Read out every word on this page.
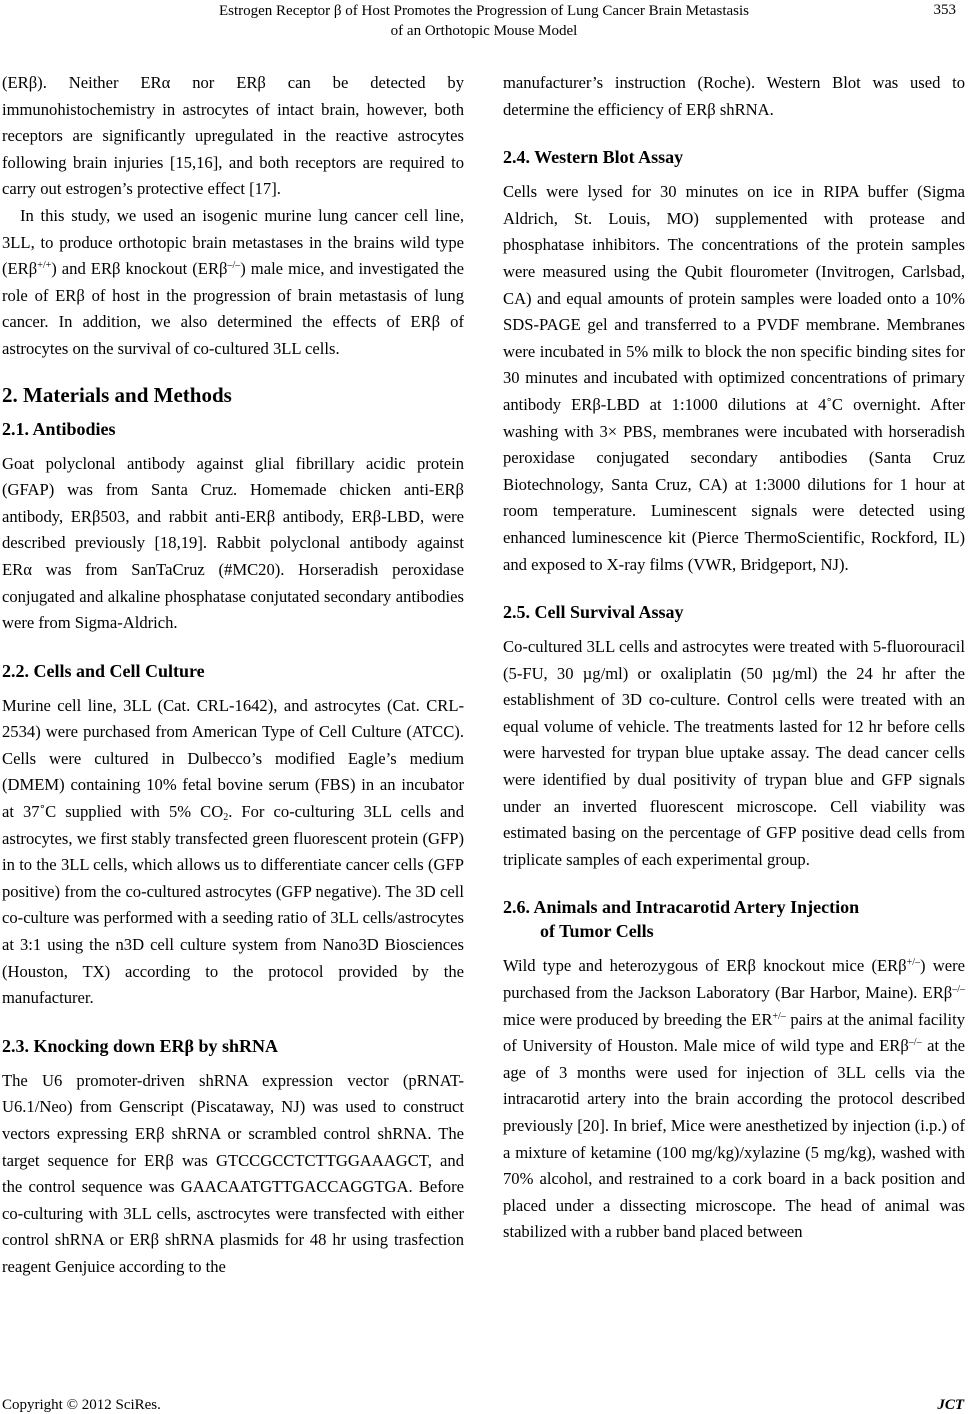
Estrogen Receptor β of Host Promotes the Progression of Lung Cancer Brain Metastasis
of an Orthotopic Mouse Model
353

(ERβ). Neither ERα nor ERβ can be detected by immunohistochemistry in astrocytes of intact brain, however, both receptors are significantly upregulated in the reactive astrocytes following brain injuries [15,16], and both receptors are required to carry out estrogen’s protective effect [17].

In this study, we used an isogenic murine lung cancer cell line, 3LL, to produce orthotopic brain metastases in the brains wild type (ERβ+/+) and ERβ knockout (ERβ–/–) male mice, and investigated the role of ERβ of host in the progression of brain metastasis of lung cancer. In addition, we also determined the effects of ERβ of astrocytes on the survival of co-cultured 3LL cells.

2. Materials and Methods
2.1. Antibodies

Goat polyclonal antibody against glial fibrillary acidic protein (GFAP) was from Santa Cruz. Homemade chicken anti-ERβ antibody, ERβ503, and rabbit anti-ERβ antibody, ERβ-LBD, were described previously [18,19]. Rabbit polyclonal antibody against ERα was from SanTaCruz (#MC20). Horseradish peroxidase conjugated and alkaline phosphatase conjutated secondary antibodies were from Sigma-Aldrich.

2.2. Cells and Cell Culture

Murine cell line, 3LL (Cat. CRL-1642), and astrocytes (Cat. CRL-2534) were purchased from American Type of Cell Culture (ATCC). Cells were cultured in Dulbecco’s modified Eagle’s medium (DMEM) containing 10% fetal bovine serum (FBS) in an incubator at 37˚C supplied with 5% $CO_2$. For co-culturing 3LL cells and astrocytes, we first stably transfected green fluorescent protein (GFP) in to the 3LL cells, which allows us to differentiate cancer cells (GFP positive) from the co-cultured astrocytes (GFP negative). The 3D cell co-culture was performed with a seeding ratio of 3LL cells/astrocytes at 3:1 using the n3D cell culture system from Nano3D Biosciences (Houston, TX) according to the protocol provided by the manufacturer.

2.3. Knocking down ERβ by shRNA

The U6 promoter-driven shRNA expression vector (pRNAT-U6.1/Neo) from Genscript (Piscataway, NJ) was used to construct vectors expressing ERβ shRNA or scrambled control shRNA. The target sequence for ERβ was GTCCGCCTCTTGGAAAGCT, and the control sequence was GAACAATGTTGACCAGGTGA. Before co-culturing with 3LL cells, asctrocytes were transfected with either control shRNA or ERβ shRNA plasmids for 48 hr using trasfection reagent Genjuice according to the

manufacturer’s instruction (Roche). Western Blot was used to determine the efficiency of ERβ shRNA.

2.4. Western Blot Assay

Cells were lysed for 30 minutes on ice in RIPA buffer (Sigma Aldrich, St. Louis, MO) supplemented with protease and phosphatase inhibitors. The concentrations of the protein samples were measured using the Qubit flourometer (Invitrogen, Carlsbad, CA) and equal amounts of protein samples were loaded onto a 10% SDS-PAGE gel and transferred to a PVDF membrane. Membranes were incubated in 5% milk to block the non specific binding sites for 30 minutes and incubated with optimized concentrations of primary antibody ERβ-LBD at 1:1000 dilutions at 4˚C overnight. After washing with 3× PBS, membranes were incubated with horseradish peroxidase conjugated secondary antibodies (Santa Cruz Biotechnology, Santa Cruz, CA) at 1:3000 dilutions for 1 hour at room temperature. Luminescent signals were detected using enhanced luminescence kit (Pierce ThermoScientific, Rockford, IL) and exposed to X-ray films (VWR, Bridgeport, NJ).

2.5. Cell Survival Assay

Co-cultured 3LL cells and astrocytes were treated with 5-fluorouracil (5-FU, 30 µg/ml) or oxaliplatin (50 µg/ml) the 24 hr after the establishment of 3D co-culture. Control cells were treated with an equal volume of vehicle. The treatments lasted for 12 hr before cells were harvested for trypan blue uptake assay. The dead cancer cells were identified by dual positivity of trypan blue and GFP signals under an inverted fluorescent microscope. Cell viability was estimated basing on the percentage of GFP positive dead cells from triplicate samples of each experimental group.

2.6. Animals and Intracarotid Artery Injection
of Tumor Cells

Wild type and heterozygous of ERβ knockout mice (ERβ+/–) were purchased from the Jackson Laboratory (Bar Harbor, Maine). ERβ–/– mice were produced by breeding the ER+/– pairs at the animal facility of University of Houston. Male mice of wild type and ERβ–/– at the age of 3 months were used for injection of 3LL cells via the intracarotid artery into the brain according the protocol described previously [20]. In brief, Mice were anesthetized by injection (i.p.) of a mixture of ketamine (100 mg/kg)/xylazine (5 mg/kg), washed with 70% alcohol, and restrained to a cork board in a back position and placed under a dissecting microscope. The head of animal was stabilized with a rubber band placed between

Copyright © 2012 SciRes.	JCT
